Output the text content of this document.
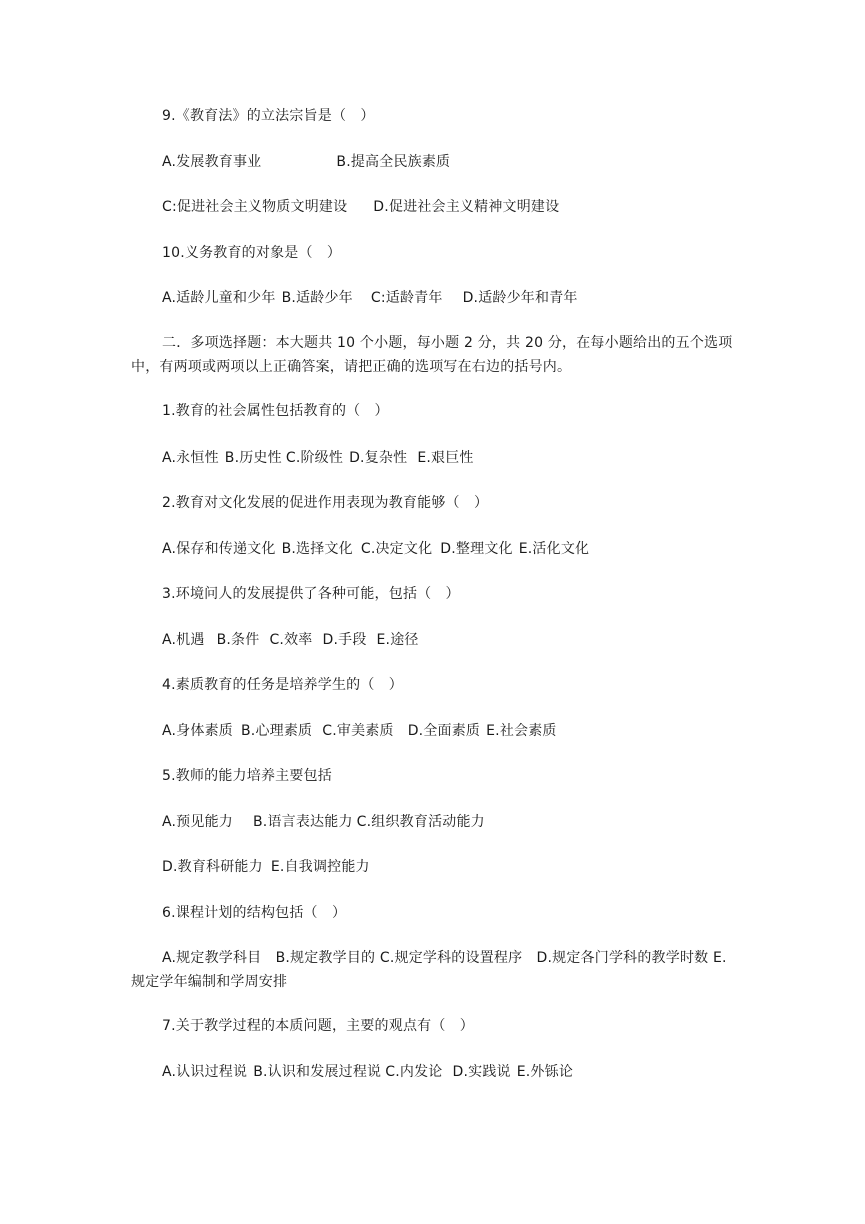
9.《教育法》的立法宗旨是（　）
A.发展教育事业	B.提高全民族素质
C:促进社会主义物质文明建设 D.促进社会主义精神文明建设
10.义务教育的对象是（　）
A.适龄儿童和少年 B.适龄少年 C:适龄青年 D.适龄少年和青年
二．多项选择题：本大题共 10 个小题，每小题 2 分，共 20 分，在每小题给出的五个选项中，有两项或两项以上正确答案，请把正确的选项写在右边的括号内。
1.教育的社会属性包括教育的（　）
A.永恒性 B.历史性 C.阶级性 D.复杂性 E.艰巨性
2.教育对文化发展的促进作用表现为教育能够（　）
A.保存和传递文化 B.选择文化 C.决定文化 D.整理文化 E.活化文化
3.环境问人的发展提供了各种可能，包括（　）
A.机遇 B.条件 C.效率 D.手段 E.途径
4.素质教育的任务是培养学生的（　）
A.身体素质 B.心理素质 C.审美素质 D.全面素质 E.社会素质
5.教师的能力培养主要包括
A.预见能力 B.语言表达能力 C.组织教育活动能力
D.教育科研能力 E.自我调控能力
6.课程计划的结构包括（　）
A.规定教学科目　B.规定教学目的 C.规定学科的设置程序　D.规定各门学科的教学时数 E.规定学年编制和学周安排
7.关于教学过程的本质问题，主要的观点有（　）
A.认识过程说 B.认识和发展过程说 C.内发论 D.实践说 E.外铄论
